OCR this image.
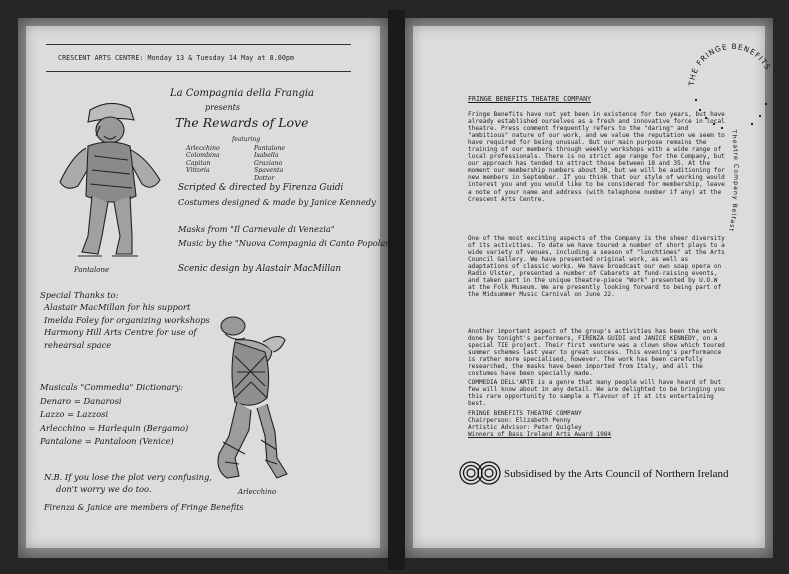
CRESCENT ARTS CENTRE: Monday 13 & Tuesday 14 May at 8.00pm
La Compagnia della Frangia
presents
The Rewards of Love
featuring
Arlecchino
Colombina
Capitan
Vittoria
Pantalone
Isabella
Graziano Spaventa
Dottor
Scripted & directed by Firenza Guidi
Costumes designed & made by Janice Kennedy
Masks from "Il Carnevale di Venezia"
Music by the "Nuova Compagnia di Canto Popolare"
Scenic design by Alastair MacMillan
Pantalone
Arlecchino
Special Thanks to:
Alastair MacMillan for his support
Imelda Foley for organizing workshops
Harmony Hill Arts Centre for use of rehearsal space
Musicals "Commedia" Dictionary:
Denaro = Danarosi
Lazzo = Lazzosi
Arlecchino = Harlequin (Bergamo)
Pantalone = Pantaloon (Venice)
N.B. If you lose the plot very confusing,
don't worry we do too.
Firenza & Janice are members of Fringe Benefits
THE FRINGE BENEFITS
Theatre Company Belfast
FRINGE BENEFITS THEATRE COMPANY

Fringe Benefits have not yet been in existence for two years, but have already established ourselves as a fresh and innovative force in local theatre. Press comment frequently refers to the "daring" and "ambitious" nature of our work, and we value the reputation we seem to have required for being unusual. But our main purpose remains the training of our members through weekly workshops with a wide range of local professionals. There is no strict age range for the Company, but our approach has tended to attract those between 18 and 35. At the moment our membership numbers about 30, but we will be auditioning for new members in September. If you think that our style of working would interest you and you would like to be considered for membership, leave a note of your name and address (with telephone number if any) at the Crescent Arts Centre.

One of the most exciting aspects of the Company is the sheer diversity of its activities. To date we have toured a number of short plays to a wide variety of venues, including a season of "lunchtimes" at the Arts Council Gallery. We have presented original work, as well as adaptations of classic works. We have broadcast our own soap opera on Radio Ulster, presented a number of Cabarets at fund-raising events, and taken part in the unique theatre-piece "Work" presented by U.O.W at the Folk Museum. We are presently looking forward to being part of the Midsummer Music Carnival on June 22.

Another important aspect of the group's activities has been the work done by tonight's performers, FIRENZA GUIDI and JANICE KENNEDY, on a special TIE project. Their first venture was a clown show which toured summer schemes last year to great success. This evening's performance is rather more specialised, however. The work has been carefully researched, the masks have been imported from Italy, and all the costumes have been specially made.

COMMEDIA DELL'ARTE is a genre that many people will have heard of but few will know about in any detail. We are delighted to be bringing you this rare opportunity to sample a flavour of it at its entertaining best.

FRINGE BENEFITS THEATRE COMPANY
Chairperson: Elizabeth Penny
Artistic Advisor: Peter Quigley
Winners of Bass Ireland Arts Award 1984
Subsidised by the Arts Council of Northern Ireland
